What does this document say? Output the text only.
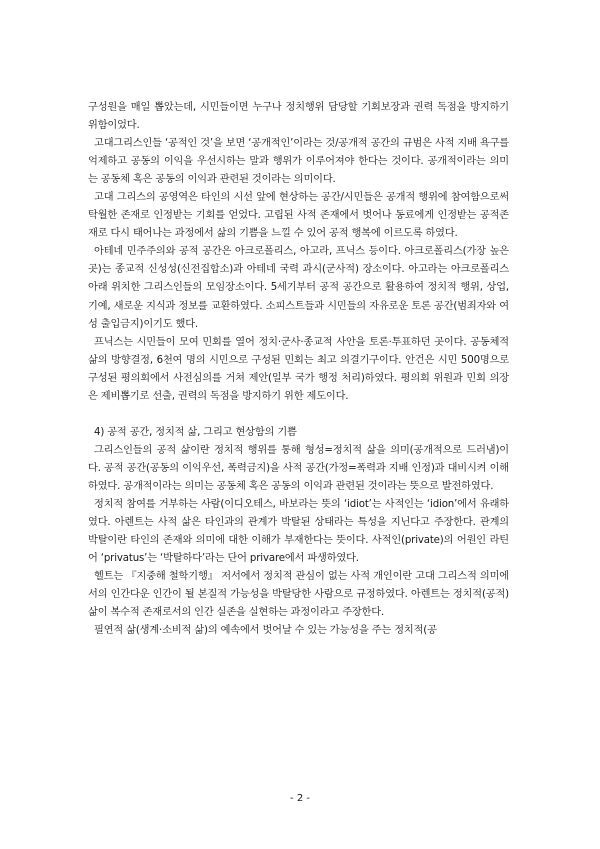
구성원을 매일 뽑았는데, 시민들이면 누구나 정치행위 담당할 기회보장과 권력 독점을 방지하기 위함이었다.

고대그리스인들 ‘공적인 것’을 보면 ‘공개적인’이라는 것/공개적 공간의 규범은 사적 지배 욕구를 억제하고 공동의 이익을 우선시하는 말과 행위가 이루어져야 한다는 것이다. 공개적이라는 의미는 공동체 혹은 공동의 이익과 관련된 것이라는 의미이다.

고대 그리스의 공영역은 타인의 시선 앞에 현상하는 공간/시민들은 공개적 행위에 참여함으로써 탁월한 존재로 인정받는 기회를 얻었다. 고립된 사적 존재에서 벗어나 동료에게 인정받는 공적존재로 다시 태어나는 과정에서 삶의 기쁨을 느낄 수 있어 공적 행복에 이르도록 하였다.

아테네 민주주의와 공적 공간은 아크로폴리스, 아고라, 프닉스 등이다. 아크로폴리스(가장 높은 곳)는 종교적 신성성(신전집합소)과 아테네 국력 과시(군사적) 장소이다. 아고라는 아크로폴리스 아래 위치한 그리스인들의 모임장소이다. 5세기부터 공적 공간으로 활용하여 정치적 행위, 상업, 기예, 새로운 지식과 정보를 교환하였다. 소피스트들과 시민들의 자유로운 토론 공간(범죄자와 여성 출입금지)이기도 했다.

프닉스는 시민들이 모여 민회를 열어 정치·군사·종교적 사안을 토론·투표하던 곳이다. 공동체적 삶의 방향결정, 6천여 명의 시민으로 구성된 민회는 최고 의결기구이다. 안건은 시민 500명으로 구성된 평의회에서 사전심의를 거쳐 제안(일부 국가 행정 처리)하였다. 평의회 위원과 민회 의장은 제비뽑기로 선출, 권력의 독점을 방지하기 위한 제도이다.

4) 공적 공간, 정치적 삶, 그리고 현상함의 기쁨

그리스인들의 공적 삶이란 정치적 행위를 통해 형성=정치적 삶을 의미(공개적으로 드러냄)이다. 공적 공간(공동의 이익우선, 폭력금지)을 사적 공간(가정=폭력과 지배 인정)과 대비시켜 이해하였다. 공개적이라는 의미는 공동체 혹은 공동의 이익과 관련된 것이라는 뜻으로 발전하였다.

정치적 참여를 거부하는 사람(이디오테스, 바보라는 뜻의 ‘idiot’는 사적인는 ‘idion’에서 유래하였다. 아렌트는 사적 삶은 타인과의 관계가 박탈된 상태라는 특성을 지닌다고 주장한다. 관계의 박탈이란 타인의 존재와 의미에 대한 이해가 부재한다는 뜻이다. 사적인(private)의 어원인 라틴어 ‘privatus’는 ‘박탈하다’라는 단어 privare에서 파생하였다.

헬트는 『지중해 철학기행』 저서에서 정치적 관심이 없는 사적 개인이란 고대 그리스적 의미에서의 인간다운 인간이 될 본질적 가능성을 박탈당한 사람으로 규정하였다. 아렌트는 정치적(공적) 삶이 복수적 존재로서의 인간 실존을 실현하는 과정이라고 주장한다.

필연적 삶(생계·소비적 삶)의 예속에서 벗어날 수 있는 가능성을 주는 정치적(공

- 2 -
